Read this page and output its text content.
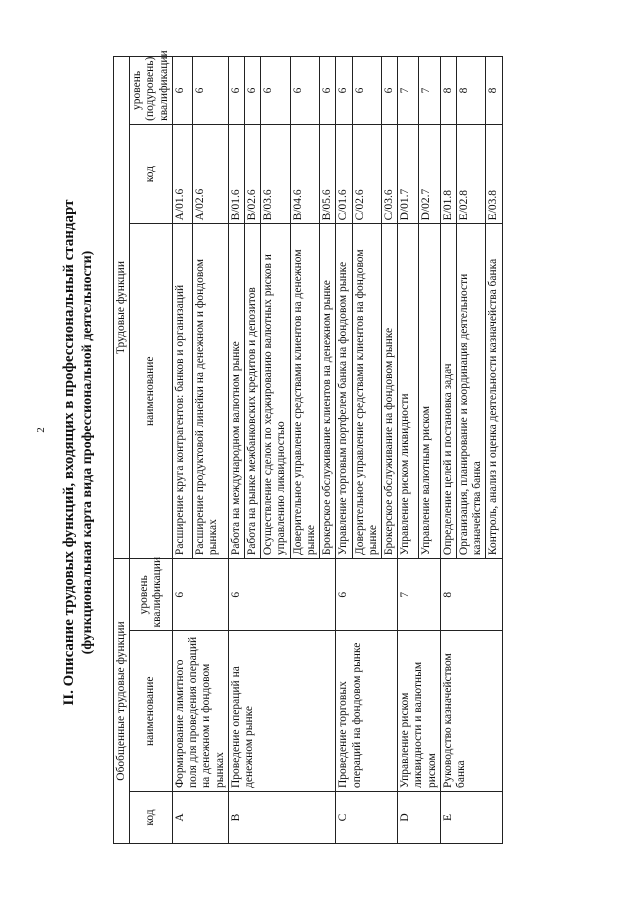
2 II. Описание трудовых функций, входящих в профессиональный стандарт (функциональная карта вида профессиональной деятельности)
Обобщенные трудовые функции			Трудовые функции		
код	наименование	уровень квалификации	наименование	код	уровень (подуровень) квалификации
A	Формирование лимитного поля для проведения операций на денежном и фондовом рынках	6	Расширение круга контрагентов: банков и организаций	A/01.6	6
			Расширение продуктовой линейки на денежном и фондовом рынках	A/02.6	6
B	Проведение операций на денежном рынке	6	Работа на международном валютном рынке	B/01.6	6
			Работа на рынке межбанковских кредитов и депозитов	B/02.6	6
			Осуществление сделок по хеджированию валютных рисков и управлению ликвидностью	B/03.6	6
			Доверительное управление средствами клиентов на денежном рынке	B/04.6	6
			Брокерское обслуживание клиентов на денежном рынке	B/05.6	6
C	Проведение торговых операций на фондовом рынке	6	Управление торговым портфелем банка на фондовом рынке	C/01.6	6
			Доверительное управление средствами клиентов на фондовом рынке	C/02.6	6
			Брокерское обслуживание на фондовом рынке	C/03.6	6
D	Управление риском ликвидности и валютным риском	7	Управление риском ликвидности	D/01.7	7
			Управление валютным риском	D/02.7	7
E	Руководство казначейством банка	8	Определение целей и постановка задач	E/01.8	8
			Организация, планирование и координация деятельности казначейства банка	E/02.8	8
			Контроль, анализ и оценка деятельности казначейства банка	E/03.8	8
